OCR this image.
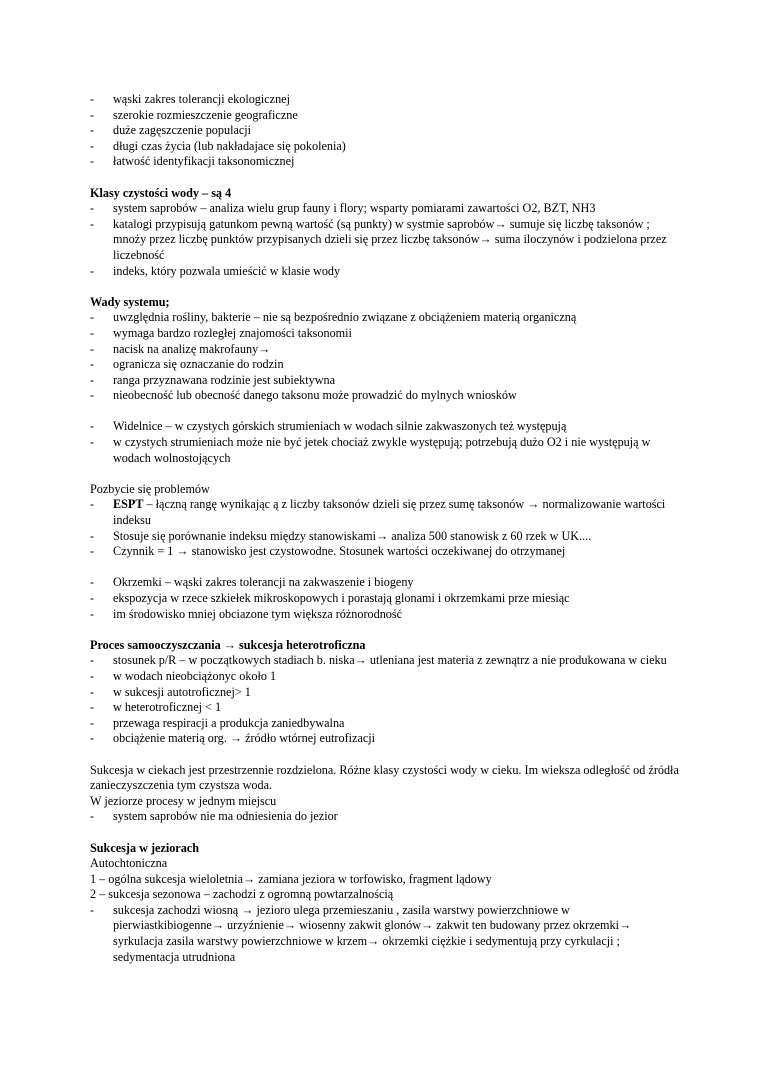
- wąski zakres tolerancji ekologicznej
- szerokie rozmieszczenie geograficzne
- duże zagęszczenie populacji
- długi czas życia (lub nakładajace się pokolenia)
- łatwość identyfikacji taksonomicznej
Klasy czystości wody – są 4
- system saprobów – analiza wielu grup fauny i flory; wsparty pomiarami zawartości O2, BZT, NH3
- katalogi przypisują gatunkom pewną wartość (są punkty) w systmie saprobów→ sumuje się liczbę taksonów ; mnożу przez liczbę punktów przypisanych dzieli się przez liczbę taksonów→ suma iloczynów i podzielona przez liczebność
- indeks, który pozwala umieścić w klasie wody
Wady systemu;
- uwzględnia rośliny, bakterie – nie są bezpośrednio związane z obciążeniem materią organiczną
- wymaga bardzo rozległej znajomości taksonomii
- nacisk na analizę makrofauny→
- ogranicza się oznaczanie do rodzin
- ranga przyznawana rodzinie jest subiektywna
- nieobecność lub obecność danego taksonu może prowadzić do mylnych wniosków
- Widelnice – w czystych górskich strumieniach w wodach silnie zakwaszonych też występują
- w czystych strumieniach może nie być jetek chociaż zwykle występują; potrzebują dużo O2 i nie występują w wodach wolnostojących
Pozbycie się problemów
- ESPT – łączną rangę wynikając ą z liczby taksonów dzieli się przez sumę taksonów → normalizowanie wartości indeksu
- Stosuje się porównanie indeksu między stanowiskami→ analiza 500 stanowisk z 60 rzek w UK....
- Czynnik = 1 → stanowisko jest czystowodne. Stosunek wartości oczekiwanej do otrzymanej
- Okrzemki – wąski zakres tolerancji na zakwaszenie i biogeny
- ekspozycja w rzece szkiełek mikroskopowych i porastają glonami i okrzemkami prze miesiąc
- im środowisko mniej obciazone tym większa różnorodność
Proces samooczyszczania → sukcesja heterotroficzna
- stosunek p/R – w początkowych stadiach b. niska→ utleniana jest materia z zewnątrz a nie produkowana w cieku
- w wodach nieobciążonyc około 1
- w sukcesji autotroficznej> 1
- w heterotroficznej < 1
- przewaga respiracji a produkcja zaniedbywalna
- obciążenie materią org. → źródło wtórnej eutrofizacji
Sukcesja w ciekach jest przestrzennie rozdzielona. Różne klasy czystości wody w cieku. Im wieksza odległość od źródła zanieczyszczenia tym czystsza woda.
W jeziorze procesy w jednym miejscu
- system saprobów nie ma odniesienia do jezior
Sukcesja w jeziorach
Autochtoniczna
1 – ogólna sukcesja wieloletnia→ zamiana jeziora w torfowisko, fragment lądowy
2 – sukcesja sezonowa – zachodzi z ogromną powtarzalnością
- sukcesja zachodzi wiosną → jezioro ulega przemieszaniu , zasila warstwy powierzchniowe w pierwiastkibiogenne→ urzyźnienie→ wiosenny zakwit glonów→ zakwit ten budowany przez okrzemki→ syrkulacja zasila warstwy powierzchniowe w krzem→ okrzemki ciężkie i sedymentują przy cyrkulacji ; sedymentacja utrudniona
